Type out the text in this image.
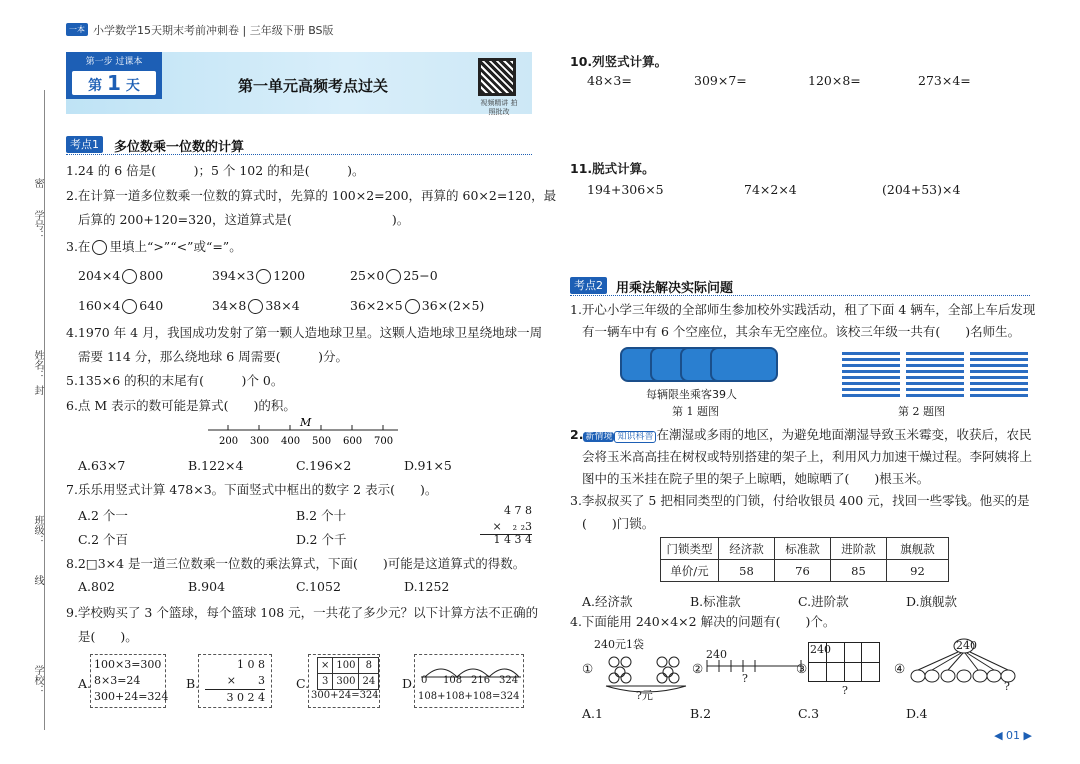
一本 小学数学15天期末考前冲刺卷 | 三年级下册 BS版
第一步 过课本
第 1 天	第一单元高频考点过关
视频精讲 拍照批改
学号：
密
姓名：
封
班级：
线
学校：
考点1	多位数乘一位数的计算
1.24 的 6 倍是(　　　)；5 个 102 的和是(　　　)。
2.在计算一道多位数乘一位数的算式时，先算的 100×2=200，再算的 60×2=120，最
后算的 200+120=320，这道算式是(　　　　　　　　)。
3.在 里填上“>”“<”或“=”。
204×4 800	394×3 1200	25×0 25−0
160×4 640	34×8 38×4	36×2×5 36×(2×5)
4.1970 年 4 月，我国成功发射了第一颗人造地球卫星。这颗人造地球卫星绕地球一周
需要 114 分，那么绕地球 6 周需要(　　　)分。
5.135×6 的积的末尾有(　　　)个 0。
6.点 M 表示的数可能是算式(　　)的积。
200 300 400 500 600 700
M
A.63×7	B.122×4	C.196×2	D.91×5
7.乐乐用竖式计算 478×3。下面竖式中框出的数字 2 表示(　　)。
A.2 个一	B.2 个十
C.2 个百	D.2 个千
4 7 8
×　₂ ₂3
1 4 3 4
8.2□3×4 是一道三位数乘一位数的乘法算式，下面(　　)可能是这道算式的得数。
A.802	B.904	C.1052	D.1252
9.学校购买了 3 个篮球，每个篮球 108 元，一共花了多少元？以下计算方法不正确的
是(　　)。
A.
100×3=300
8×3=24
300+24=324
B.
1 0 8
×　　3
3 0 2 4
C.
×	100	8
3	300	24
300+24=324
D. 0 108 216 324
108+108+108=324
10.列竖式计算。
48×3=	309×7=	120×8=	273×4=
11.脱式计算。
194+306×5	74×2×4	(204+53)×4
考点2	用乘法解决实际问题
1.开心小学三年级的全部师生参加校外实践活动，租了下面 4 辆车，全部上车后发现
有一辆车中有 6 个空座位，其余车无空座位。该校三年级一共有(　　)名师生。
每辆限坐乘客39人
第 1 题图	第 2 题图
2. 新情境 知识科普 在潮湿或多雨的地区，为避免地面潮湿导致玉米霉变，收获后，农民
会将玉米高高挂在树杈或特别搭建的架子上，利用风力加速干燥过程。李阿姨将上
图中的玉米挂在院子里的架子上晾晒，她晾晒了(　　)根玉米。
3.李叔叔买了 5 把相同类型的门锁，付给收银员 400 元，找回一些零钱。他买的是
(　　)门锁。
门锁类型	经济款	标准款	进阶款	旗舰款
单价/元	58	76	85	92
A.经济款	B.标准款	C.进阶款	D.旗舰款
4.下面能用 240×4×2 解决的问题有(　　)个。
240元1袋
①
?元
②
240
?
③
240
?
④
240
?
A.1	B.2	C.3	D.4
◀ 01 ▶
